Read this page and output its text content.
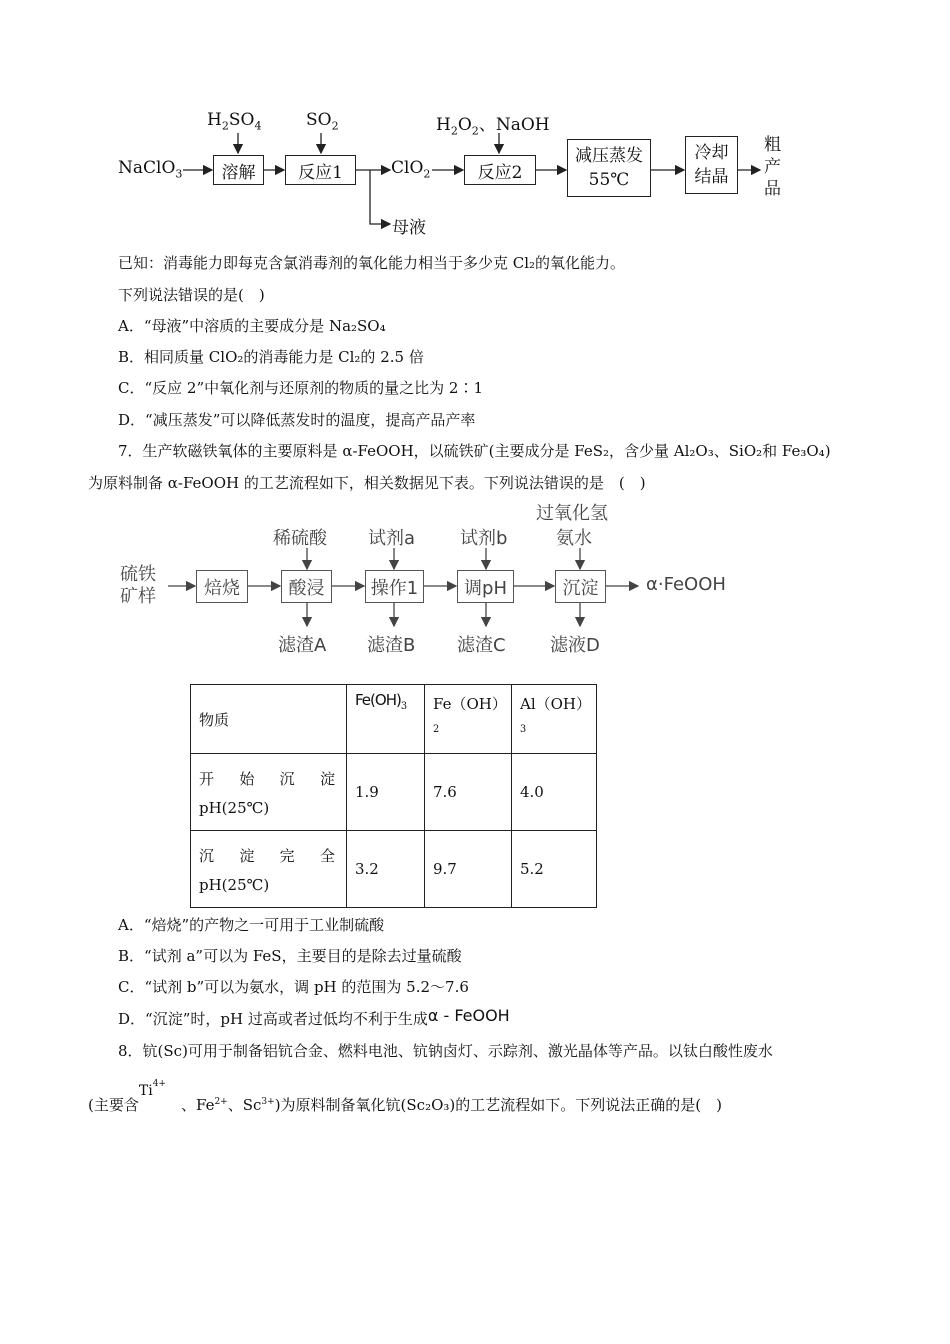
NaClO$_3$
$H_2SO_4$	$SO_2$	$H_2O_2$、NaOH
溶解	反应1	ClO$_2$	反应2
减压蒸发55℃
冷却结晶
粗
产
品
母液
已知：消毒能力即每克含氯消毒剂的氧化能力相当于多少克 Cl₂的氧化能力。
下列说法错误的是(　)
A．“母液”中溶质的主要成分是 Na₂SO₄
B．相同质量 ClO₂的消毒能力是 Cl₂的 2.5 倍
C．“反应 2”中氧化剂与还原剂的物质的量之比为 2∶1
D．“减压蒸发”可以降低蒸发时的温度，提高产品产率
7．生产软磁铁氧体的主要原料是 α-FeOOH，以硫铁矿(主要成分是 FeS₂，含少量 Al₂O₃、SiO₂和 Fe₃O₄)
为原料制备 α-FeOOH 的工艺流程如下，相关数据见下表。下列说法错误的是　(　)
硫铁
矿样	焙烧	酸浸	操作1	调pH	沉淀	α·FeOOH
稀硫酸 试剂a 试剂b
过氧化氢
氨水
滤渣A 滤渣B 滤渣C 滤液D
物质	$Fe(OH)_3$	$Fe(OH)_2$	$Al(OH)_3$

开 始 沉 淀
pH(25℃)	1.9	7.6	4.0

沉 淀 完 全
pH(25℃)	3.2	9.7	5.2
A．“焙烧”的产物之一可用于工业制硫酸
B．“试剂 a”可以为 FeS，主要目的是除去过量硫酸
C．“试剂 b”可以为氨水，调 pH 的范围为 5.2～7.6
D．“沉淀”时，pH 过高或者过低均不利于生成α - FeOOH
8．钪(Sc)可用于制备铝钪合金、燃料电池、钪钠卤灯、示踪剂、激光晶体等产品。以钛白酸性废水
(主要含$Ti^{4+}$　、$Fe^{2+}$、$Sc^{3+}$)为原料制备氧化钪(Sc₂O₃)的工艺流程如下。下列说法正确的是(　)
